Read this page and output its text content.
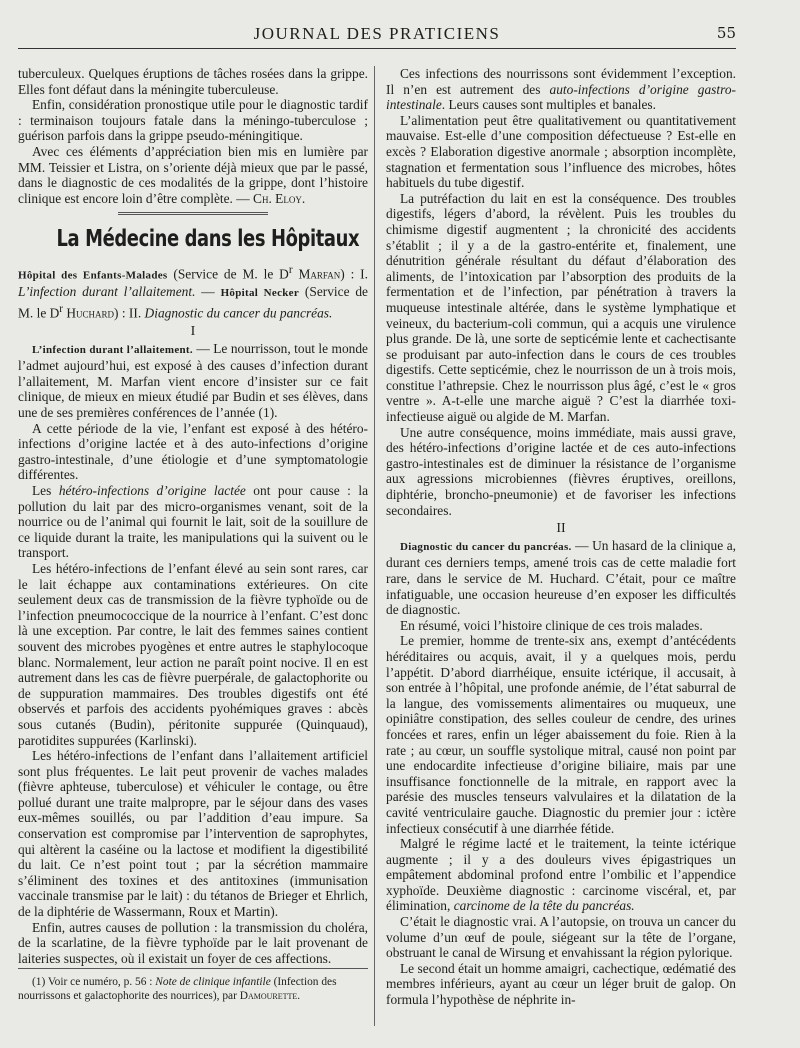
JOURNAL DES PRATICIENS	55

tuberculeux. Quelques éruptions de tâches rosées dans la grippe. Elles font défaut dans la méningite tuberculeuse.

Enfin, considération pronostique utile pour le diagnostic tardif : terminaison toujours fatale dans la méningo-tuberculose ; guérison parfois dans la grippe pseudo-méningitique.

Avec ces éléments d’appréciation bien mis en lumière par MM. Teissier et Listra, on s’oriente déjà mieux que par le passé, dans le diagnostic de ces modalités de la grippe, dont l’histoire clinique est encore loin d’être complète. — Ch. Eloy.

La Médecine dans les Hôpitaux

Hôpital des Enfants-Malades (Service de M. le $D^r$ Marfan) : I. L’infection durant l’allaitement. — Hôpital Necker (Service de M. le $D^r$ Huchard) : II. Diagnostic du cancer du pancréas.

I

L’infection durant l’allaitement. — Le nourrisson, tout le monde l’admet aujourd’hui, est exposé à des causes d’infection durant l’allaitement, M. Marfan vient encore d’insister sur ce fait clinique, de mieux en mieux étudié par Budin et ses élèves, dans une de ses premières conférences de l’année (1).

A cette période de la vie, l’enfant est exposé à des hétéro-infections d’origine lactée et à des auto-infections d’origine gastro-intestinale, d’une étiologie et d’une symptomatologie différentes.

Les hétéro-infections d’origine lactée ont pour cause : la pollution du lait par des micro-organismes venant, soit de la nourrice ou de l’animal qui fournit le lait, soit de la souillure de ce liquide durant la traite, les manipulations qui la suivent ou le transport.

Les hétéro-infections de l’enfant élevé au sein sont rares, car le lait échappe aux contaminations extérieures. On cite seulement deux cas de transmission de la fièvre typhoïde ou de l’infection pneumococcique de la nourrice à l’enfant. C’est donc là une exception. Par contre, le lait des femmes saines contient souvent des microbes pyogènes et entre autres le staphylocoque blanc. Normalement, leur action ne paraît point nocive. Il en est autrement dans les cas de fièvre puerpérale, de galactophorite ou de suppuration mammaires. Des troubles digestifs ont été observés et parfois des accidents pyohémiques graves : abcès sous cutanés (Budin), péritonite suppurée (Quinquaud), parotidites suppurées (Karlinski).

Les hétéro-infections de l’enfant dans l’allaitement artificiel sont plus fréquentes. Le lait peut provenir de vaches malades (fièvre aphteuse, tuberculose) et véhiculer le contage, ou être pollué durant une traite malpropre, par le séjour dans des vases eux-mêmes souillés, ou par l’addition d’eau impure. Sa conservation est compromise par l’intervention de saprophytes, qui altèrent la caséine ou la lactose et modifient la digestibilité du lait. Ce n’est point tout ; par la sécrétion mammaire s’éliminent des toxines et des antitoxines (immunisation vaccinale transmise par le lait) : du tétanos de Brieger et Ehrlich, de la diphtérie de Wassermann, Roux et Martin).

Enfin, autres causes de pollution : la transmission du choléra, de la scarlatine, de la fièvre typhoïde par le lait provenant de laiteries suspectes, où il existait un foyer de ces affections.

(1) Voir ce numéro, p. 56 : Note de clinique infantile (Infection des nourrissons et galactophorite des nourrices), par Damourette.

Ces infections des nourrissons sont évidemment l’exception. Il n’en est autrement des auto-infections d’origine gastro-intestinale. Leurs causes sont multiples et banales.

L’alimentation peut être qualitativement ou quantitativement mauvaise. Est-elle d’une composition défectueuse ? Est-elle en excès ? Elaboration digestive anormale ; absorption incomplète, stagnation et fermentation sous l’influence des microbes, hôtes habituels du tube digestif.

La putréfaction du lait en est la conséquence. Des troubles digestifs, légers d’abord, la révèlent. Puis les troubles du chimisme digestif augmentent ; la chronicité des accidents s’établit ; il y a de la gastro-entérite et, finalement, une dénutrition générale résultant du défaut d’élaboration des aliments, de l’intoxication par l’absorption des produits de la fermentation et de l’infection, par pénétration à travers la muqueuse intestinale altérée, dans le système lymphatique et veineux, du bacterium-coli commun, qui a acquis une virulence plus grande. De là, une sorte de septicémie lente et cachectisante se produisant par auto-infection dans le cours de ces troubles digestifs. Cette septicémie, chez le nourrisson de un à trois mois, constitue l’athrepsie. Chez le nourrisson plus âgé, c’est le « gros ventre ». A-t-elle une marche aiguë ? C’est la diarrhée toxi-infectieuse aiguë ou algide de M. Marfan.

Une autre conséquence, moins immédiate, mais aussi grave, des hétéro-infections d’origine lactée et de ces auto-infections gastro-intestinales est de diminuer la résistance de l’organisme aux agressions microbiennes (fièvres éruptives, oreillons, diphtérie, broncho-pneumonie) et de favoriser les infections secondaires.

II

Diagnostic du cancer du pancréas. — Un hasard de la clinique a, durant ces derniers temps, amené trois cas de cette maladie fort rare, dans le service de M. Huchard. C’était, pour ce maître infatiguable, une occasion heureuse d’en exposer les difficultés de diagnostic.

En résumé, voici l’histoire clinique de ces trois malades.

Le premier, homme de trente-six ans, exempt d’antécédents héréditaires ou acquis, avait, il y a quelques mois, perdu l’appétit. D’abord diarrhéique, ensuite ictérique, il accusait, à son entrée à l’hôpital, une profonde anémie, de l’état saburral de la langue, des vomissements alimentaires ou muqueux, une opiniâtre constipation, des selles couleur de cendre, des urines foncées et rares, enfin un léger abaissement du foie. Rien à la rate ; au cœur, un souffle systolique mitral, causé non point par une endocardite infectieuse d’origine biliaire, mais par une insuffisance fonctionnelle de la mitrale, en rapport avec la parésie des muscles tenseurs valvulaires et la dilatation de la cavité ventriculaire gauche. Diagnostic du premier jour : ictère infectieux consécutif à une diarrhée fétide.

Malgré le régime lacté et le traitement, la teinte ictérique augmente ; il y a des douleurs vives épigastriques un empâtement abdominal profond entre l’ombilic et l’appendice xyphoïde. Deuxième diagnostic : carcinome viscéral, et, par élimination, carcinome de la tête du pancréas.

C’était le diagnostic vrai. A l’autopsie, on trouva un cancer du volume d’un œuf de poule, siégeant sur la tête de l’organe, obstruant le canal de Wirsung et envahissant la région pylorique.

Le second était un homme amaigri, cachectique, œdématié des membres inférieurs, ayant au cœur un léger bruit de galop. On formula l’hypothèse de néphrite in-
